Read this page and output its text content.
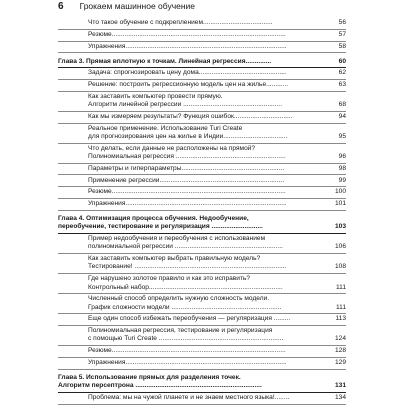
6 Грокаем машинное обучение
Что такое обучение с подкреплением......................................	56
Резюме...............................................................................................	57
Упражнения........................................................................................	58
Глава 3. Прямая вплотную к точкам. Линейная регрессия..............	60
Задача: спрогнозировать цену дома................................................	62
Решение: построить регрессионную модель цен на жилье............	63
Как заставить компьютер провести прямую.
Алгоритм линейной регрессии ......................................................	68
Как мы измеряем результаты? Функция ошибок................................	94
Реальное применение. Использование Turi Create
для прогнозирования цен на жилье в Индии...................................	95
Что делать, если данные не расположены на прямой?
Полиномиальная регрессия ............................................................	96
Параметры и гиперпараметры........................................................	98
Применение регрессии....................................................................	99
Резюме...............................................................................................	100
Упражнения........................................................................................	101
Глава 4. Оптимизация процесса обучения. Недообучение,
переобучение, тестирование и регуляризация ............................	103
Пример недообучения и переобучения с использованием
полиномиальной регрессии ...........................................................	106
Как заставить компьютер выбрать правильную модель?
Тестирование! ...................................................................................	108
Где нарушено золотое правило и как это исправить?
Контрольный набор.........................................................................	111
Численный способ определить нужную сложность модели.
График сложности модели ............................................................	111
Еще один способ избежать переобучения — регуляризация .........	113
Полиномиальная регрессия, тестирование и регуляризация
с помощью Turi Create ....................................................................	124
Резюме...............................................................................................	128
Упражнения........................................................................................	129
Глава 5. Использование прямых для разделения точек.
Алгоритм персептрона .....................................................................	131
Проблема: мы на чужой планете и не знаем местного языка!........	134
